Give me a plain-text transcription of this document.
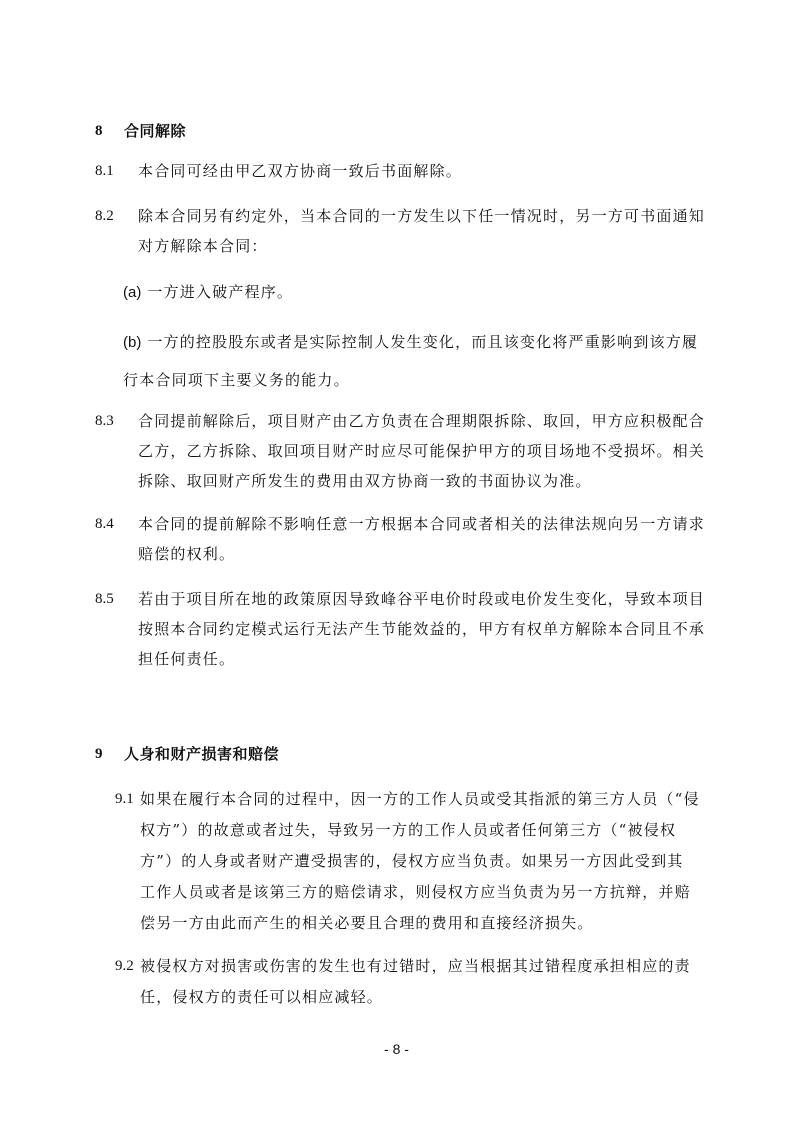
8 合同解除
8.1 本合同可经由甲乙双方协商一致后书面解除。
8.2 除本合同另有约定外，当本合同的一方发生以下任一情况时，另一方可书面通知
对方解除本合同：
(a) 一方进入破产程序。
(b) 一方的控股股东或者是实际控制人发生变化，而且该变化将严重影响到该方履
行本合同项下主要义务的能力。
8.3 合同提前解除后，项目财产由乙方负责在合理期限拆除、取回，甲方应积极配合
乙方，乙方拆除、取回项目财产时应尽可能保护甲方的项目场地不受损坏。相关
拆除、取回财产所发生的费用由双方协商一致的书面协议为准。
8.4 本合同的提前解除不影响任意一方根据本合同或者相关的法律法规向另一方请求
赔偿的权利。
8.5 若由于项目所在地的政策原因导致峰谷平电价时段或电价发生变化，导致本项目
按照本合同约定模式运行无法产生节能效益的，甲方有权单方解除本合同且不承
担任何责任。
9 人身和财产损害和赔偿
9.1 如果在履行本合同的过程中，因一方的工作人员或受其指派的第三方人员（“侵
权方”）的故意或者过失，导致另一方的工作人员或者任何第三方（“被侵权
方”）的人身或者财产遭受损害的，侵权方应当负责。如果另一方因此受到其
工作人员或者是该第三方的赔偿请求，则侵权方应当负责为另一方抗辩，并赔
偿另一方由此而产生的相关必要且合理的费用和直接经济损失。
9.2 被侵权方对损害或伤害的发生也有过错时，应当根据其过错程度承担相应的责
任，侵权方的责任可以相应减轻。
- 8 -
